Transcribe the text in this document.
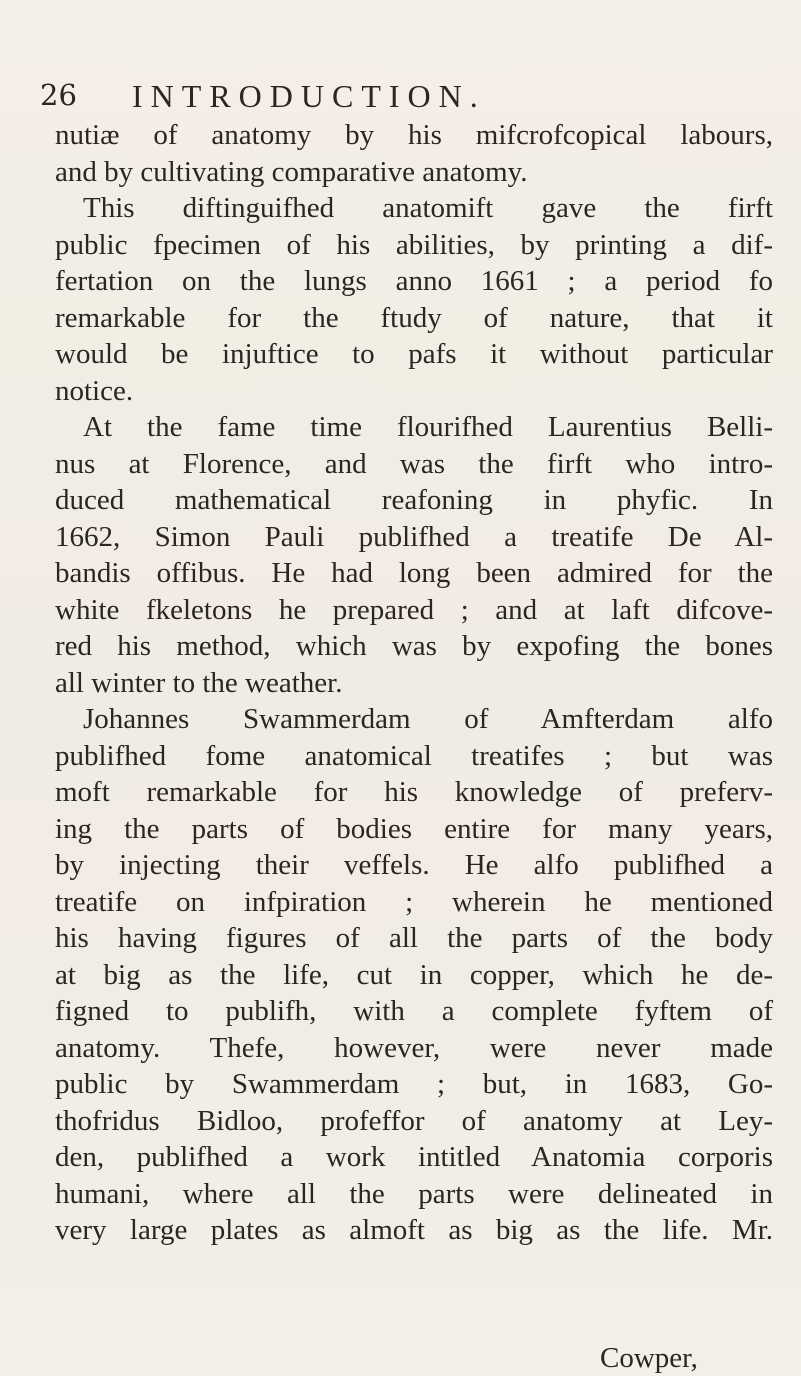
26 INTRODUCTION.
nutiæ of anatomy by his mifcrofcopical labours,
and by cultivating comparative anatomy.
This diftinguifhed anatomift gave the firft
public fpecimen of his abilities, by printing a dif-
fertation on the lungs anno 1661 ; a period fo
remarkable for the ftudy of nature, that it
would be injuftice to pafs it without particular
notice.
At the fame time flourifhed Laurentius Belli-
nus at Florence, and was the firft who intro-
duced mathematical reafoning in phyfic. In
1662, Simon Pauli publifhed a treatife De Al-
bandis offibus. He had long been admired for the
white fkeletons he prepared ; and at laft difcove-
red his method, which was by expofing the bones
all winter to the weather.
Johannes Swammerdam of Amfterdam alfo
publifhed fome anatomical treatifes ; but was
moft remarkable for his knowledge of preferv-
ing the parts of bodies entire for many years,
by injecting their veffels. He alfo publifhed a
treatife on infpiration ; wherein he mentioned
his having figures of all the parts of the body
at big as the life, cut in copper, which he de-
figned to publifh, with a complete fyftem of
anatomy. Thefe, however, were never made
public by Swammerdam ; but, in 1683, Go-
thofridus Bidloo, profeffor of anatomy at Ley-
den, publifhed a work intitled Anatomia corporis
humani, where all the parts were delineated in
very large plates as almoft as big as the life. Mr.
Cowper,
